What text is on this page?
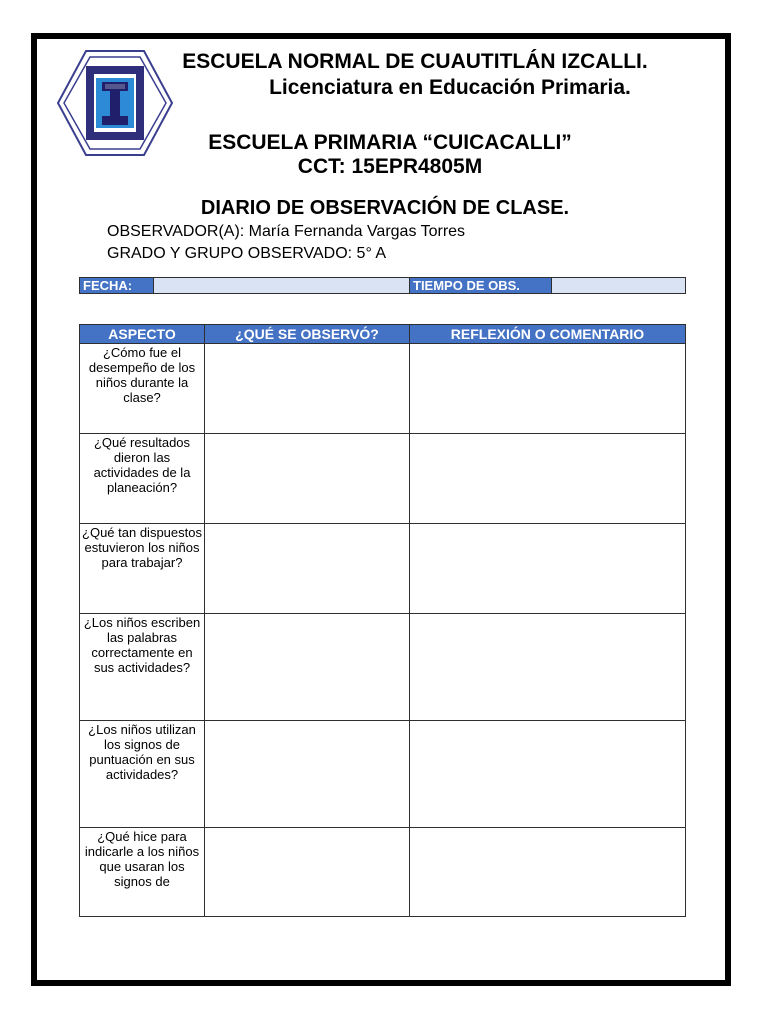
ESCUELA NORMAL DE CUAUTITLÁN IZCALLI.
Licenciatura en Educación Primaria.
ESCUELA PRIMARIA “CUICACALLI”
CCT: 15EPR4805M
DIARIO DE OBSERVACIÓN DE CLASE.
OBSERVADOR(A): María Fernanda Vargas Torres
GRADO Y GRUPO OBSERVADO: 5° A
FECHA:	TIEMPO DE OBS.
ASPECTO	¿QUÉ SE OBSERVÓ?	REFLEXIÓN O COMENTARIO
¿Cómo fue el desempeño de los niños durante la clase?		
¿Qué resultados dieron las actividades de la planeación?		
¿Qué tan dispuestos estuvieron los niños para trabajar?		
¿Los niños escriben las palabras correctamente en sus actividades?		
¿Los niños utilizan los signos de puntuación en sus actividades?		
¿Qué hice para indicarle a los niños que usaran los signos de		
